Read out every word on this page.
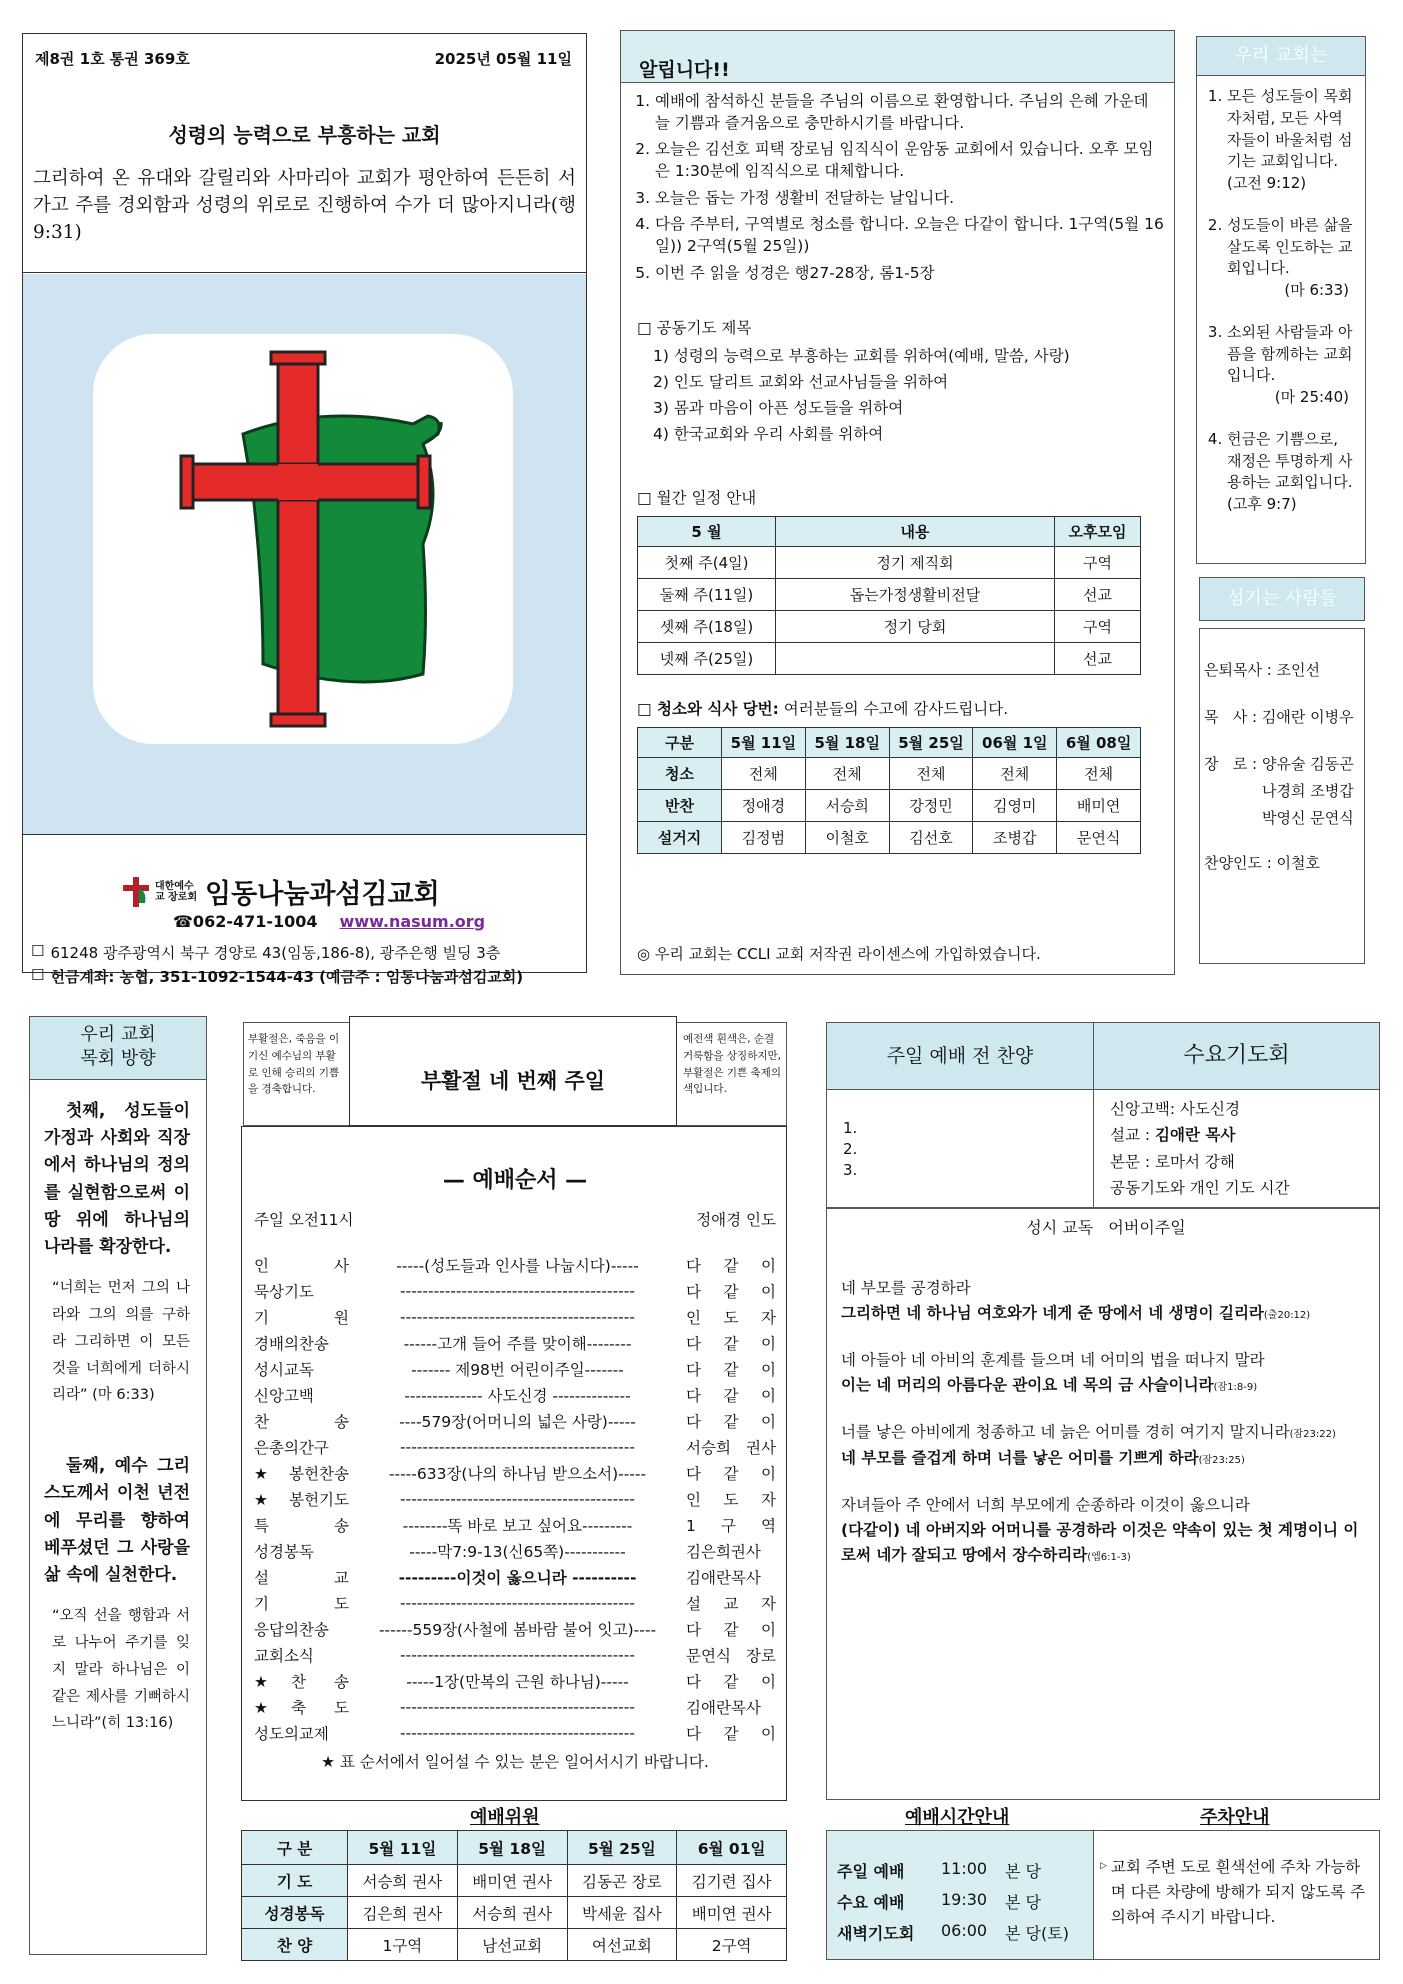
제8권 1호 통권 369호	2025년 05월 11일
성령의 능력으로 부흥하는 교회
그리하여 온 유대와 갈릴리와 사마리아 교회가 평안하여 든든히 서 가고 주를 경외함과 성령의 위로로 진행하여 수가 더 많아지니라(행9:31)
대한예수교 장로회 임동나눔과섬김교회
☎062-471-1004 www.nasum.org
☐ 61248 광주광역시 북구 경양로 43(임동,186-8), 광주은행 빌딩 3층
☐ 헌금계좌: 농협, 351-1092-1544-43 (예금주 : 임동나눔과섬김교회)
알립니다!!
1. 예배에 참석하신 분들을 주님의 이름으로 환영합니다. 주님의 은혜 가운데 늘 기쁨과 즐거움으로 충만하시기를 바랍니다.
2. 오늘은 김선호 피택 장로님 임직식이 운암동 교회에서 있습니다. 오후 모임은 1:30분에 임직식으로 대체합니다.
3. 오늘은 돕는 가정 생활비 전달하는 날입니다.
4. 다음 주부터, 구역별로 청소를 합니다. 오늘은 다같이 합니다. 1구역(5월 16일)) 2구역(5월 25일))
5. 이번 주 읽을 성경은 행27-28장, 롬1-5장
□ 공동기도 제목
1) 성령의 능력으로 부흥하는 교회를 위하여(예배, 말씀, 사랑)
2) 인도 달리트 교회와 선교사님들을 위하여
3) 몸과 마음이 아픈 성도들을 위하여
4) 한국교회와 우리 사회를 위하여
□ 월간 일정 안내
5 월	내용	오후모임
첫째 주(4일)	정기 제직회	구역
둘째 주(11일)	돕는가정생활비전달	선교
셋째 주(18일)	정기 당회	구역
넷째 주(25일)		선교
□ 청소와 식사 당번: 여러분들의 수고에 감사드립니다.
구분	5월 11일	5월 18일	5월 25일	06월 1일	6월 08일
청소	전체	전체	전체	전체	전체
반찬	정애경	서승희	강정민	김영미	배미연
설거지	김정범	이철호	김선호	조병갑	문연식
◎ 우리 교회는 CCLI 교회 저작권 라이센스에 가입하였습니다.
우리 교회는
1. 모든 성도들이 목회자처럼, 모든 사역자들이 바울처럼 섬기는 교회입니다.(고전 9:12)
2. 성도들이 바른 삶을 살도록 인도하는 교회입니다.
(마 6:33)
3. 소외된 사람들과 아픔을 함께하는 교회입니다.
(마 25:40)
4. 헌금은 기쁨으로, 재정은 투명하게 사용하는 교회입니다. (고후 9:7)
섬기는 사람들
은퇴목사 : 조인선
목   사 : 김애란 이병우
장   로 : 양유술 김동곤
나경희 조병갑
박영신 문연식
찬양인도 : 이철호
우리 교회 목회 방향
첫째, 성도들이 가정과 사회와 직장에서 하나님의 정의를 실현함으로써 이 땅 위에 하나님의 나라를 확장한다.
“너희는 먼저 그의 나라와 그의 의를 구하라 그리하면 이 모든 것을 너희에게 더하시리라” (마 6:33)
둘째, 예수 그리스도께서 이천 년전에 무리를 향하여 베푸셨던 그 사랑을 삶 속에 실천한다.
“오직 선을 행함과 서로 나누어 주기를 잊지 말라 하나님은 이 같은 제사를 기뻐하시느니라”(히 13:16)
부활절은, 죽음을 이기신 예수님의 부활로 인해 승리의 기쁨을 경축합니다.	부활절 네 번째 주일
예전색 흰색은, 순결 거룩함을 상징하지만, 부활절은 기쁜 축제의 색입니다.
— 예배순서 —
주일 오전11시	정애경 인도
인 사	-----(성도들과 인사를 나눕시다)-----	다 같 이
묵상기도	------------------------------------------	다 같 이
기 원	------------------------------------------	인 도 자
경배의찬송	------고개 들어 주를 맞이해--------	다 같 이
성시교독	------- 제98번 어린이주일-------	다 같 이
신앙고백	-------------- 사도신경 --------------	다 같 이
찬 송	----579장(어머니의 넓은 사랑)-----	다 같 이
은총의간구	------------------------------------------	서승희 권사
★봉헌찬송	-----633장(나의 하나님 받으소서)-----	다 같 이
★봉헌기도	------------------------------------------	인 도 자
특 송	--------똑 바로 보고 싶어요---------	1 구 역
성경봉독	-----막7:9-13(신65쪽)-----------	김은희권사
설 교	---------이것이 옳으니라 ----------	김애란목사
기 도	------------------------------------------	설 교 자
응답의찬송	------559장(사철에 봄바람 불어 잇고)----	다 같 이
교회소식	------------------------------------------	문연식 장로
★찬 송	-----1장(만복의 근원 하나님)-----	다 같 이
★축 도	------------------------------------------	김애란목사
성도의교제	------------------------------------------	다 같 이
★ 표 순서에서 일어설 수 있는 분은 일어서시기 바랍니다.
예배위원
구 분	5월 11일	5월 18일	5월 25일	6월 01일
기 도	서승희 권사	배미연 권사	김동곤 장로	김기련 집사
성경봉독	김은희 권사	서승희 권사	박세윤 집사	배미연 권사
찬 양	1구역	남선교회	여선교회	2구역
주일 예배 전 찬양	수요기도회
1.
2.
3.
신앙고백: 사도신경
설교 : 김애란 목사
본문 : 로마서 강해
공동기도와 개인 기도 시간
성시 교독   어버이주일
네 부모를 공경하라
그리하면 네 하나님 여호와가 네게 준 땅에서 네 생명이 길리라(출20:12)
네 아들아 네 아비의 훈계를 들으며 네 어미의 법을 떠나지 말라
이는 네 머리의 아름다운 관이요 네 목의 금 사슬이니라(잠1:8-9)
너를 낳은 아비에게 청종하고 네 늙은 어미를 경히 여기지 말지니라(잠23:22)
네 부모를 즐겁게 하며 너를 낳은 어미를 기쁘게 하라(잠23:25)
자녀들아 주 안에서 너희 부모에게 순종하라 이것이 옳으니라
(다같이) 네 아버지와 어머니를 공경하라 이것은 약속이 있는 첫 계명이니 이로써 네가 잘되고 땅에서 장수하리라(엡6:1-3)
예배시간안내	주차안내
주일 예배	11:00	본 당
수요 예배	19:30	본 당
새벽기도회	06:00	본 당(토)
▷ 교회 주변 도로 흰색선에 주차 가능하며 다른 차량에 방해가 되지 않도록 주의하여 주시기 바랍니다.
